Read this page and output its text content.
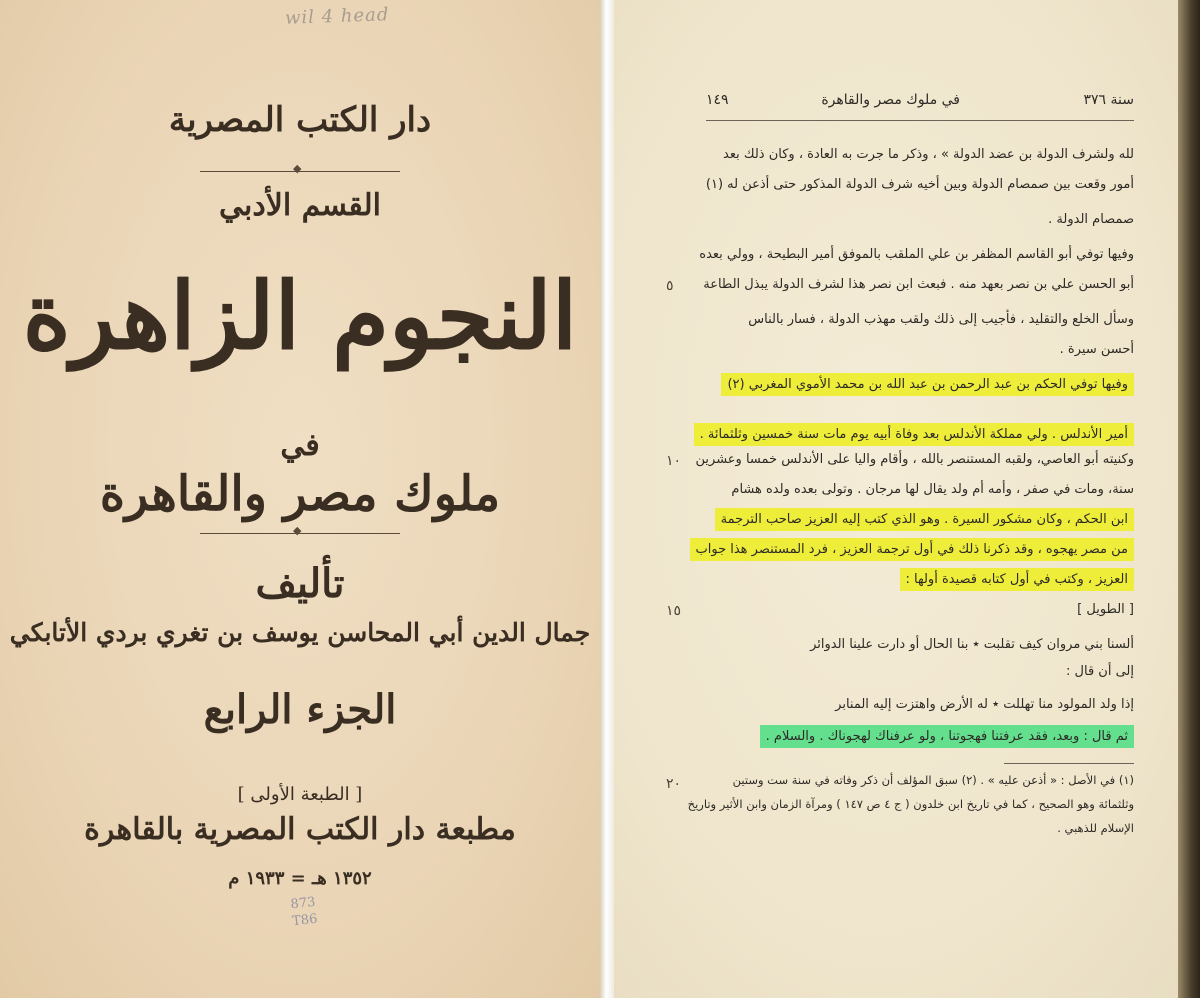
wil 4 head
دار الكتب المصرية
◆
القسم الأدبي
النجوم الزاهرة
في
ملوك مصر والقاهرة
◆
تأليف
جمال الدين أبي المحاسن يوسف بن تغري بردي الأتابكي
الجزء الرابع
[ الطبعة الأولى ]
مطبعة دار الكتب المصرية بالقاهرة
١٣٥٢ هـ = ١٩٣٣ م
873 T86
سنة ٣٧٦
في ملوك مصر والقاهرة
١٤٩
لله ولشرف الدولة بن عضد الدولة » ، وذكر ما جرت به العادة ، وكان ذلك بعد
أمور وقعت بين صمصام الدولة وبين أخيه شرف الدولة المذكور حتى أذعن له (١)
صمصام الدولة .
وفيها توفي أبو القاسم المظفر بن علي الملقب بالموفق أمير البطيحة ، وولي بعده
أبو الحسن علي بن نصر بعهد منه . فبعث ابن نصر هذا لشرف الدولة يبذل الطاعة
٥
وسأل الخلع والتقليد ، فأجيب إلى ذلك ولقب مهذب الدولة ، فسار بالناس
أحسن سيرة .
وفيها توفي الحكم بن عبد الرحمن بن عبد الله بن محمد الأموي المغربي (٢)
أمير الأندلس . ولي مملكة الأندلس بعد وفاة أبيه يوم مات سنة خمسين وثلثمائة .
وكنيته أبو العاصي، ولقبه المستنصر بالله ، وأقام واليا على الأندلس خمسا وعشرين
١٠
سنة، ومات في صفر ، وأمه أم ولد يقال لها مرجان . وتولى بعده ولده هشام
ابن الحكم ، وكان مشكور السيرة . وهو الذي كتب إليه العزيز صاحب الترجمة
من مصر يهجوه ، وقد ذكرنا ذلك في أول ترجمة العزيز ، فرد المستنصر هذا جواب
العزيز ، وكتب في أول كتابه قصيدة أولها :
[ الطويل ]
١٥
ألسنا بني مروان كيف تقلبت ٭ بنا الحال أو دارت علينا الدوائر
إلى أن قال :
إذا ولد المولود منا تهللت ٭ له الأرض واهتزت إليه المنابر
ثم قال : وبعد، فقد عرفتنا فهجوتنا ، ولو عرفناك لهجوناك . والسلام .
(١) في الأصل : « أذعن عليه » . (٢) سبق المؤلف أن ذكر وفاته في سنة ست وستين
٢٠
وثلثمائة وهو الصحيح ، كما في تاريخ ابن خلدون ( ج ٤ ص ١٤٧ ) ومرآة الزمان وابن الأثير وتاريخ
الإسلام للذهبي .
